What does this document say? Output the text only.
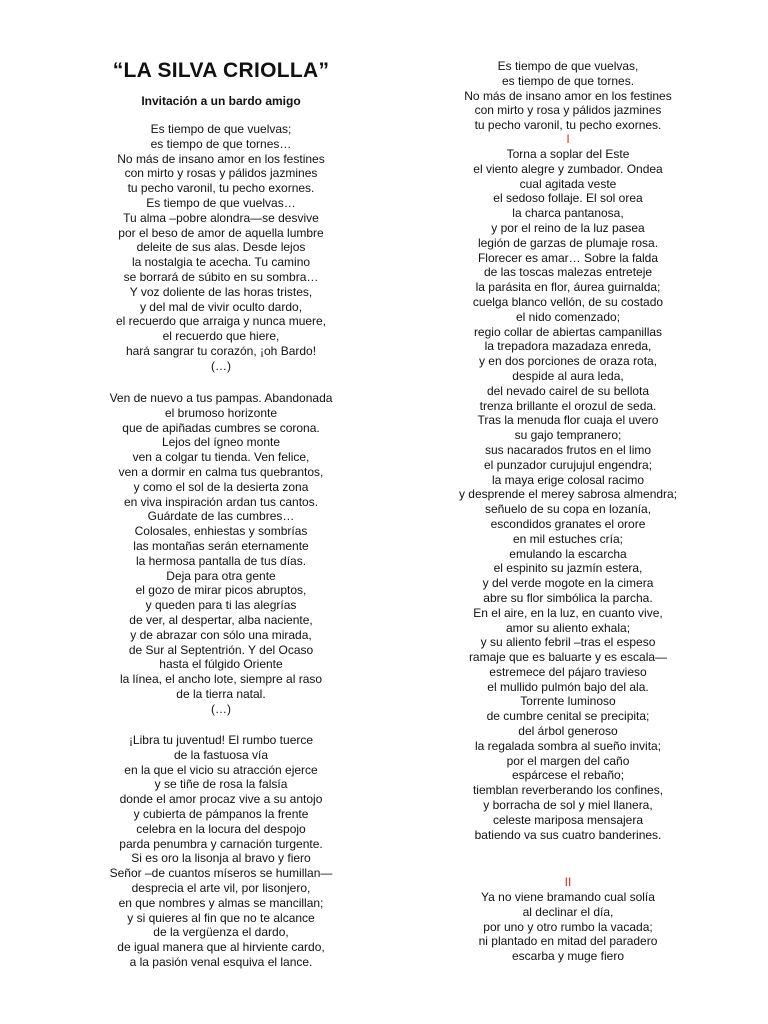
“LA SILVA CRIOLLA”
Invitación a un bardo amigo
Es tiempo de que vuelvas;
es tiempo de que tornes…
No más de insano amor en los festines
con mirto y rosas y pálidos jazmines
tu pecho varonil, tu pecho exornes.
Es tiempo de que vuelvas…
Tu alma –pobre alondra—se desvive
por el beso de amor de aquella lumbre
deleite de sus alas. Desde lejos
la nostalgia te acecha. Tu camino
se borrará de súbito en su sombra…
Y voz doliente de las horas tristes,
y del mal de vivir oculto dardo,
el recuerdo que arraiga y nunca muere,
el recuerdo que hiere,
hará sangrar tu corazón, ¡oh Bardo!
(…)
Ven de nuevo a tus pampas. Abandonada
el brumoso horizonte
que de apiñadas cumbres se corona.
Lejos del ígneo monte
ven a colgar tu tienda. Ven felice,
ven a dormir en calma tus quebrantos,
y como el sol de la desierta zona
en viva inspiración ardan tus cantos.
Guárdate de las cumbres…
Colosales, enhiestas y sombrías
las montañas serán eternamente
la hermosa pantalla de tus días.
Deja para otra gente
el gozo de mirar picos abruptos,
y queden para ti las alegrías
de ver, al despertar, alba naciente,
y de abrazar con sólo una mirada,
de Sur al Septentrión. Y del Ocaso
hasta el fúlgido Oriente
la línea, el ancho lote, siempre al raso
de la tierra natal.
(…)
¡Libra tu juventud! El rumbo tuerce
de la fastuosa vía
en la que el vicio su atracción ejerce
y se tiñe de rosa la falsía
donde el amor procaz vive a su antojo
y cubierta de pámpanos la frente
celebra en la locura del despojo
parda penumbra y carnación turgente.
Si es oro la lisonja al bravo y fiero
Señor –de cuantos míseros se humillan—
desprecia el arte vil, por lisonjero,
en que nombres y almas se mancillan;
y si quieres al fin que no te alcance
de la vergüenza el dardo,
de igual manera que al hirviente cardo,
a la pasión venal esquiva el lance.
Es tiempo de que vuelvas,
es tiempo de que tornes.
No más de insano amor en los festines
con mirto y rosa y pálidos jazmines
tu pecho varonil, tu pecho exornes.
I
Torna a soplar del Este
el viento alegre y zumbador. Ondea
cual agitada veste
el sedoso follaje. El sol orea
la charca pantanosa,
y por el reino de la luz pasea
legión de garzas de plumaje rosa.
Florecer es amar… Sobre la falda
de las toscas malezas entreteje
la parásita en flor, áurea guirnalda;
cuelga blanco vellón, de su costado
el nido comenzado;
regio collar de abiertas campanillas
la trepadora mazadaza enreda,
y en dos porciones de oraza rota,
despide al aura leda,
del nevado cairel de su bellota
trenza brillante el orozul de seda.
Tras la menuda flor cuaja el uvero
su gajo tempranero;
sus nacarados frutos en el limo
el punzador curujujul engendra;
la maya erige colosal racimo
y desprende el merey sabrosa almendra;
señuelo de su copa en lozanía,
escondidos granates el orore
en mil estuches cría;
emulando la escarcha
el espinito su jazmín estera,
y del verde mogote en la cimera
abre su flor simbólica la parcha.
En el aire, en la luz, en cuanto vive,
amor su aliento exhala;
y su aliento febril –tras el espeso
ramaje que es baluarte y es escala—
estremece del pájaro travieso
el mullido pulmón bajo del ala.
Torrente luminoso
de cumbre cenital se precipita;
del árbol generoso
la regalada sombra al sueño invita;
por el margen del caño
espárcese el rebaño;
tiemblan reverberando los confines,
y borracha de sol y miel llanera,
celeste mariposa mensajera
batiendo va sus cuatro banderines.
II
Ya no viene bramando cual solía
al declinar el día,
por uno y otro rumbo la vacada;
ni plantado en mitad del paradero
escarba y muge fiero
